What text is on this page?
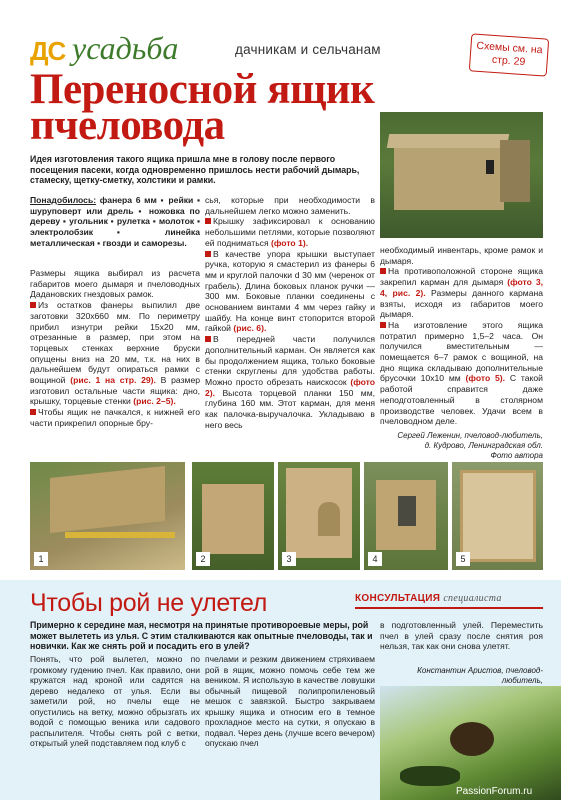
ДС усадьба	дачникам и сельчанам	Схемы см. на стр. 29
Переносной ящик пчеловода
Идея изготовления такого ящика пришла мне в голову после первого посещения пасеки, когда одновременно пришлось нести рабочий дымарь, стамеску, щетку-сметку, холстики и рамки.
Понадобилось: фанера 6 мм ▪ рейки ▪ шуруповерт или дрель ▪ ножовка по дереву ▪ угольник ▪ рулетка ▪ молоток ▪ электролобзик ▪ линейка металлическая ▪ гвозди и саморезы.

Размеры ящика выбирал из расчета габаритов моего дымаря и пчеловодных Дадановских гнездовых рамок.

Из остатков фанеры выпилил две заготовки 320х660 мм. По периметру прибил изнутри рейки 15х20 мм, отрезанные в размер, при этом на торцевых стенках верхние бруски опущены вниз на 20 мм, т.к. на них в дальнейшем будут опираться рамки с вощиной (рис. 1 на стр. 29). В размер изготовил остальные части ящика: дно, крышку, торцевые стенки (рис. 2–5).

Чтобы ящик не пачкался, к нижней его части прикрепил опорные бру-

сья, которые при необходимости в дальнейшем легко можно заменить.

Крышку зафиксировал к основанию небольшими петлями, которые позволяют ей подниматься (фото 1).

В качестве упора крышки выступает ручка, которую я смастерил из фанеры 6 мм и круглой палочки d 30 мм (черенок от грабель). Длина боковых планок ручки — 300 мм. Боковые планки соединены с основанием винтами 4 мм через гайку и шайбу. На конце винт стопорится второй гайкой (рис. 6).

В передней части получился дополнительный карман. Он является как бы продолжением ящика, только боковые стенки скруглены для удобства работы. Можно просто обрезать наискосок (фото 2). Высота торцевой планки 150 мм, глубина 160 мм. Этот карман, для меня как палочка-выручалочка. Укладываю в него весь

необходимый инвентарь, кроме рамок и дымаря.

На противоположной стороне ящика закрепил карман для дымаря (фото 3, 4, рис. 2). Размеры данного кармана взяты, исходя из габаритов моего дымаря.

На изготовление этого ящика потратил примерно 1,5–2 часа. Он получился вместительным — помещается 6–7 рамок с вощиной, на дно ящика складываю дополнительные брусочки 10х10 мм (фото 5). С такой работой справится даже неподготовленный в столярном производстве человек. Удачи всем в пчеловодном деле.

Сергей Леженин, пчеловод-любитель,
д. Кудрово, Ленинградская обл.
Фото автора
1	2	3	4	5
Чтобы рой не улетел	КОНСУЛЬТАЦИЯ специалиста
Примерно к середине мая, несмотря на принятые противороевые меры, рой может вылететь из улья. С этим сталкиваются как опытные пчеловоды, так и новички. Как же снять рой и посадить его в улей?
Понять, что рой вылетел, можно по громкому гудению пчел. Как правило, они кружатся над кроной или садятся на дерево недалеко от улья. Если вы заметили рой, но пчелы еще не опустились на ветку, можно обрызгать их водой с помощью веника или садового распылителя. Чтобы снять рой с ветки, открытый улей подставляем под клуб с
пчелами и резким движением стряхиваем рой в ящик, можно помочь себе тем же веником. Я использую в качестве ловушки обычный пищевой полипропиленовый мешок с завязкой. Быстро закрываем крышку ящика и относим его в темное прохладное место на сутки, я опускаю в подвал. Через день (лучше всего вечером) опускаю пчел
в подготовленный улей. Переместить пчел в улей сразу после снятия роя нельзя, так как они снова улетят.
Константин Аристов, пчеловод-любитель,
PassionForum.ru
